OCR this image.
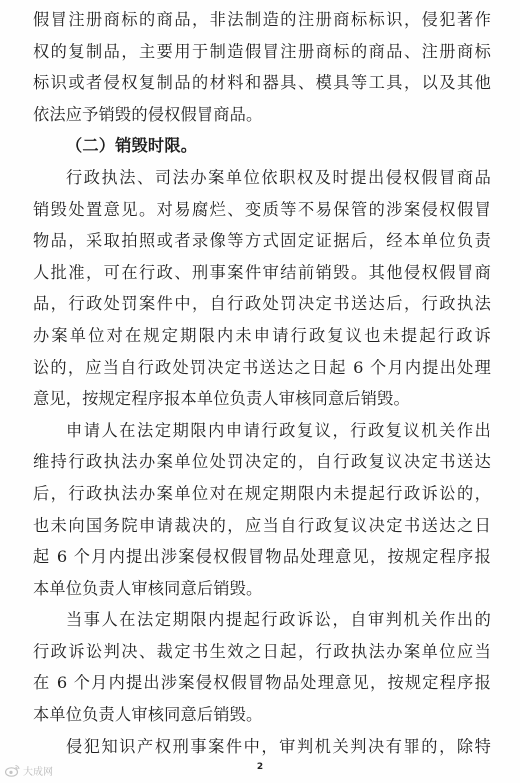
假冒注册商标的商品，非法制造的注册商标标识，侵犯著作
权的复制品，主要用于制造假冒注册商标的商品、注册商标
标识或者侵权复制品的材料和器具、模具等工具，以及其他
依法应予销毁的侵权假冒商品。
（二）销毁时限。
行政执法、司法办案单位依职权及时提出侵权假冒商品
销毁处置意见。对易腐烂、变质等不易保管的涉案侵权假冒
物品，采取拍照或者录像等方式固定证据后，经本单位负责
人批准，可在行政、刑事案件审结前销毁。其他侵权假冒商
品，行政处罚案件中，自行政处罚决定书送达后，行政执法
办案单位对在规定期限内未申请行政复议也未提起行政诉
讼的，应当自行政处罚决定书送达之日起 6 个月内提出处理
意见，按规定程序报本单位负责人审核同意后销毁。
申请人在法定期限内申请行政复议，行政复议机关作出
维持行政执法办案单位处罚决定的，自行政复议决定书送达
后，行政执法办案单位对在规定期限内未提起行政诉讼的，
也未向国务院申请裁决的，应当自行政复议决定书送达之日
起 6 个月内提出涉案侵权假冒物品处理意见，按规定程序报
本单位负责人审核同意后销毁。
当事人在法定期限内提起行政诉讼，自审判机关作出的
行政诉讼判决、裁定书生效之日起，行政执法办案单位应当
在 6 个月内提出涉案侵权假冒物品处理意见，按规定程序报
本单位负责人审核同意后销毁。
侵犯知识产权刑事案件中，审判机关判决有罪的，除特
大成网	2
